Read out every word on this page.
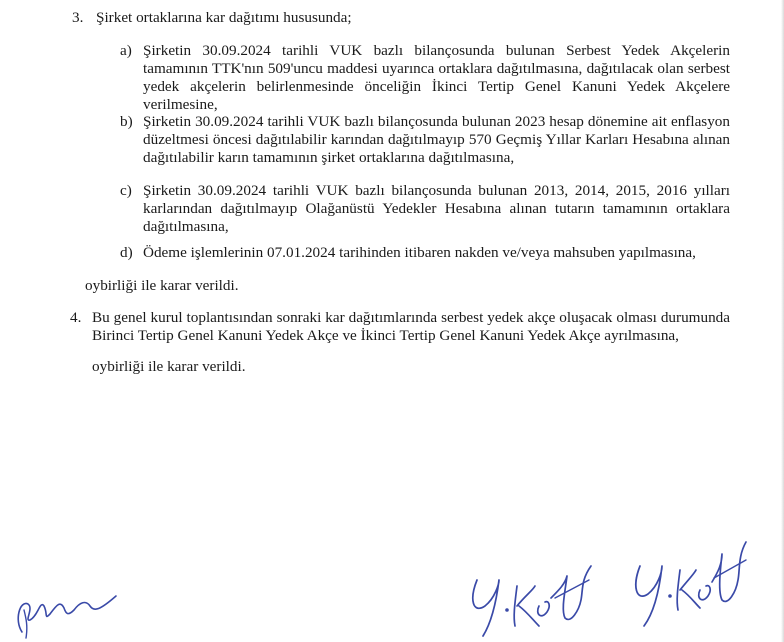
3. Şirket ortaklarına kar dağıtımı hususunda;
a) Şirketin 30.09.2024 tarihli VUK bazlı bilançosunda bulunan Serbest Yedek Akçelerin tamamının TTK'nın 509'uncu maddesi uyarınca ortaklara dağıtılmasına, dağıtılacak olan serbest yedek akçelerin belirlenmesinde önceliğin İkinci Tertip Genel Kanuni Yedek Akçelere verilmesine,
b) Şirketin 30.09.2024 tarihli VUK bazlı bilançosunda bulunan 2023 hesap dönemine ait enflasyon düzeltmesi öncesi dağıtılabilir karından dağıtılmayıp 570 Geçmiş Yıllar Karları Hesabına alınan dağıtılabilir karın tamamının şirket ortaklarına dağıtılmasına,
c) Şirketin 30.09.2024 tarihli VUK bazlı bilançosunda bulunan 2013, 2014, 2015, 2016 yılları karlarından dağıtılmayıp Olağanüstü Yedekler Hesabına alınan tutarın tamamının ortaklara dağıtılmasına,
d) Ödeme işlemlerinin 07.01.2024 tarihinden itibaren nakden ve/veya mahsuben yapılmasına,
oybirliği ile karar verildi.
4. Bu genel kurul toplantısından sonraki kar dağıtımlarında serbest yedek akçe oluşacak olması durumunda Birinci Tertip Genel Kanuni Yedek Akçe ve İkinci Tertip Genel Kanuni Yedek Akçe ayrılmasına,
oybirliği ile karar verildi.
